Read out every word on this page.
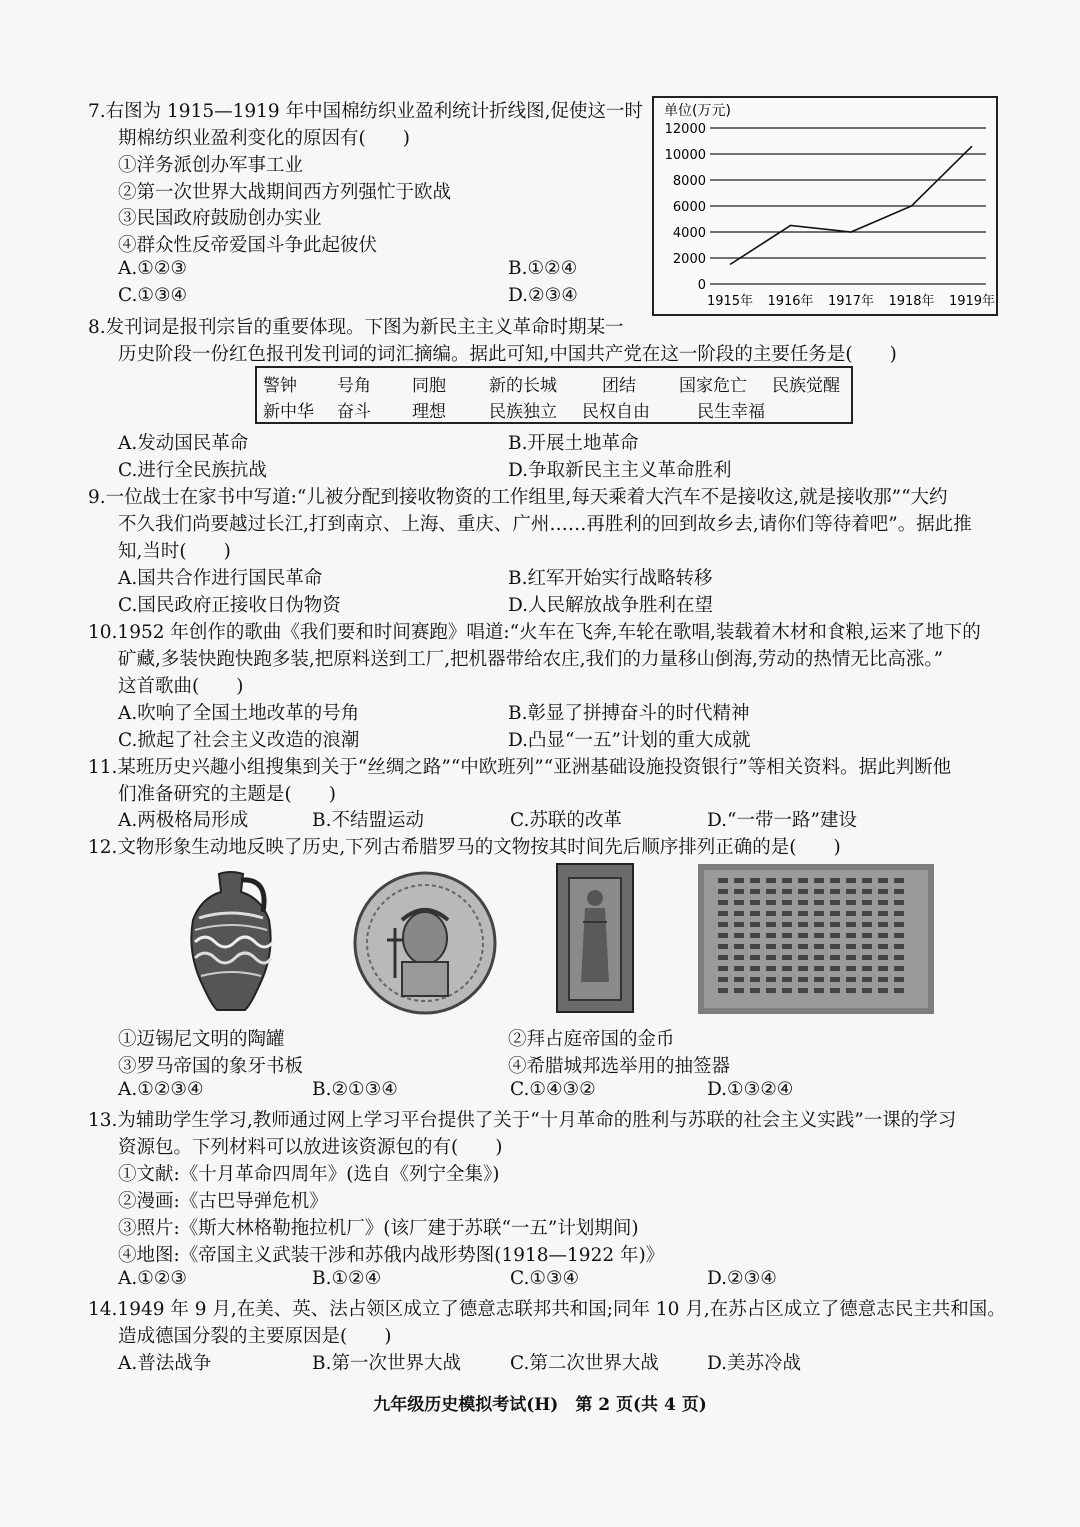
7.右图为 1915—1919 年中国棉纺织业盈利统计折线图,促使这一时
期棉纺织业盈利变化的原因有(　　)
①洋务派创办军事工业
②第一次世界大战期间西方列强忙于欧战
③民国政府鼓励创办实业
④群众性反帝爱国斗争此起彼伏
A.①②③	B.①②④
C.①③④	D.②③④
单位(万元)
12000
10000
8000
6000
4000
2000
0
1915年 1916年 1917年 1918年 1919年
8.发刊词是报刊宗旨的重要体现。下图为新民主主义革命时期某一
历史阶段一份红色报刊发刊词的词汇摘编。据此可知,中国共产党在这一阶段的主要任务是(　　)
警钟 号角 同胞	新的长城	团结	国家危亡 民族觉醒
新中华 奋斗 理想	民族独立 民权自由	民生幸福
A.发动国民革命	B.开展土地革命
C.进行全民族抗战	D.争取新民主主义革命胜利
9.一位战士在家书中写道:“儿被分配到接收物资的工作组里,每天乘着大汽车不是接收这,就是接收那”“大约
不久我们尚要越过长江,打到南京、上海、重庆、广州……再胜利的回到故乡去,请你们等待着吧”。据此推
知,当时(　　)
A.国共合作进行国民革命	B.红军开始实行战略转移
C.国民政府正接收日伪物资	D.人民解放战争胜利在望
10.1952 年创作的歌曲《我们要和时间赛跑》唱道:“火车在飞奔,车轮在歌唱,装载着木材和食粮,运来了地下的
矿藏,多装快跑快跑多装,把原料送到工厂,把机器带给农庄,我们的力量移山倒海,劳动的热情无比高涨。”
这首歌曲(　　)
A.吹响了全国土地改革的号角	B.彰显了拼搏奋斗的时代精神
C.掀起了社会主义改造的浪潮	D.凸显“一五”计划的重大成就
11.某班历史兴趣小组搜集到关于“丝绸之路”“中欧班列”“亚洲基础设施投资银行”等相关资料。据此判断他
们准备研究的主题是(　　)
A.两极格局形成	B.不结盟运动	C.苏联的改革	D.“一带一路”建设
12.文物形象生动地反映了历史,下列古希腊罗马的文物按其时间先后顺序排列正确的是(　　)
①迈锡尼文明的陶罐	②拜占庭帝国的金币
③罗马帝国的象牙书板	④希腊城邦选举用的抽签器
A.①②③④	B.②①③④	C.①④③②	D.①③②④
13.为辅助学生学习,教师通过网上学习平台提供了关于“十月革命的胜利与苏联的社会主义实践”一课的学习
资源包。下列材料可以放进该资源包的有(　　)
①文献:《十月革命四周年》(选自《列宁全集》)
②漫画:《古巴导弹危机》
③照片:《斯大林格勒拖拉机厂》(该厂建于苏联“一五”计划期间)
④地图:《帝国主义武装干涉和苏俄内战形势图(1918—1922 年)》
A.①②③	B.①②④	C.①③④	D.②③④
14.1949 年 9 月,在美、英、法占领区成立了德意志联邦共和国;同年 10 月,在苏占区成立了德意志民主共和国。
造成德国分裂的主要原因是(　　)
A.普法战争	B.第一次世界大战	C.第二次世界大战	D.美苏冷战
九年级历史模拟考试(H)　第 2 页(共 4 页)
